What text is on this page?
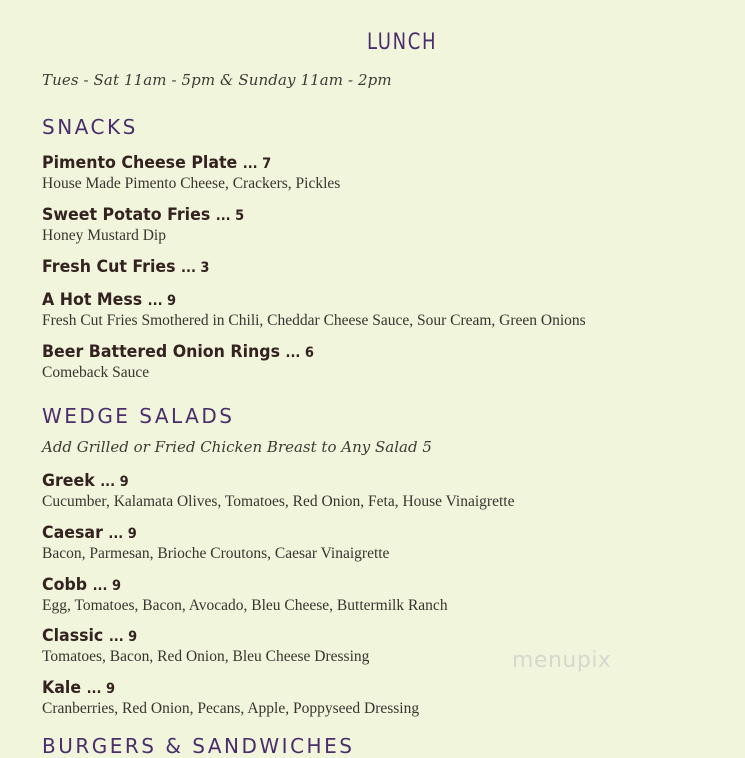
LUNCH
Tues - Sat 11am - 5pm & Sunday 11am - 2pm
SNACKS
Pimento Cheese Plate ... 7
House Made Pimento Cheese, Crackers, Pickles
Sweet Potato Fries ... 5
Honey Mustard Dip
Fresh Cut Fries ... 3
A Hot Mess ... 9
Fresh Cut Fries Smothered in Chili, Cheddar Cheese Sauce, Sour Cream, Green Onions
Beer Battered Onion Rings ... 6
Comeback Sauce
WEDGE SALADS
Add Grilled or Fried Chicken Breast to Any Salad 5
Greek ... 9
Cucumber, Kalamata Olives, Tomatoes, Red Onion, Feta, House Vinaigrette
Caesar ... 9
Bacon, Parmesan, Brioche Croutons, Caesar Vinaigrette
Cobb ... 9
Egg, Tomatoes, Bacon, Avocado, Bleu Cheese, Buttermilk Ranch
Classic ... 9
Tomatoes, Bacon, Red Onion, Bleu Cheese Dressing
Kale ... 9
Cranberries, Red Onion, Pecans, Apple, Poppyseed Dressing
menupix
BURGERS & SANDWICHES
